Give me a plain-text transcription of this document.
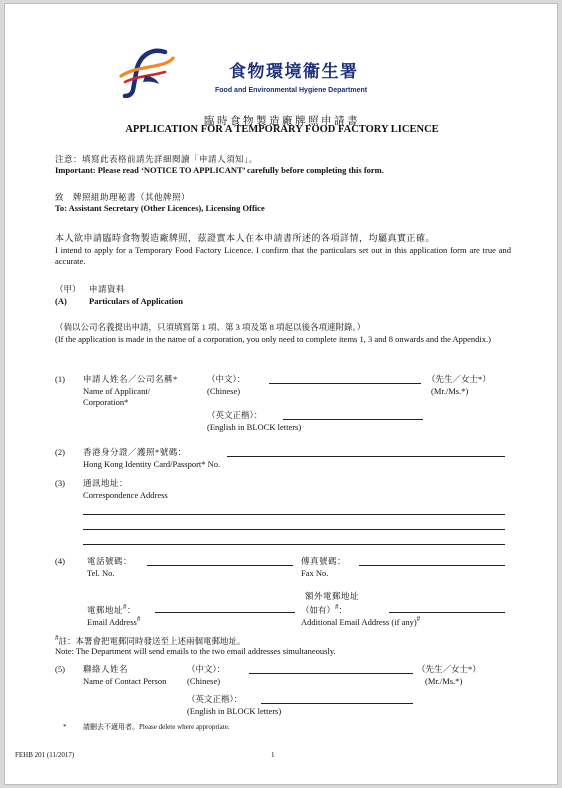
食物環境衞生署
Food and Environmental Hygiene Department
臨時食物製造廠牌照申請書
APPLICATION FOR A TEMPORARY FOOD FACTORY LICENCE
注意：填寫此表格前請先詳細閱讀「申請人須知」。
Important: Please read ‘NOTICE TO APPLICANT’ carefully before completing this form.
致　牌照組助理秘書（其他牌照）
To: Assistant Secretary (Other Licences), Licensing Office
本人欲申請臨時食物製造廠牌照，茲證實本人在本申請書所述的各項詳情，均屬真實正確。
I intend to apply for a Temporary Food Factory Licence. I confirm that the particulars set out in this application form are true and accurate.
（甲） 申請資料
(A)	Particulars of Application
（倘以公司名義提出申請，只須填寫第 1 項、第 3 項及第 8 項起以後各項連附錄。）
(If the application is made in the name of a corporation, you only need to complete items 1, 3 and 8 onwards and the Appendix.)
(1) 申請人姓名／公司名稱*
Name of Applicant/
Corporation*
（中文）：
(Chinese)
（先生／女士*）
(Mr./Ms.*)
（英文正楷）：
(English in BLOCK letters)
(2) 香港身分證／護照*號碼：
Hong Kong Identity Card/Passport* No.
(3) 通訊地址：
Correspondence Address
(4)	電話號碼：
Tel. No.
傳真號碼：
Fax No.
電郵地址#：
Email Address#
額外電郵地址
（如有）#：
Additional Email Address (if any)#
#註：本署會把電郵同時發送至上述兩個電郵地址。
Note: The Department will send emails to the two email addresses simultaneously.
(5) 聯絡人姓名
Name of Contact Person
（中文）：
(Chinese)
（先生／女士*）
(Mr./Ms.*)
（英文正楷）：
(English in BLOCK letters)
* 請刪去不適用者。 Please delete where appropriate.
FEHB 201 (11/2017)	1
